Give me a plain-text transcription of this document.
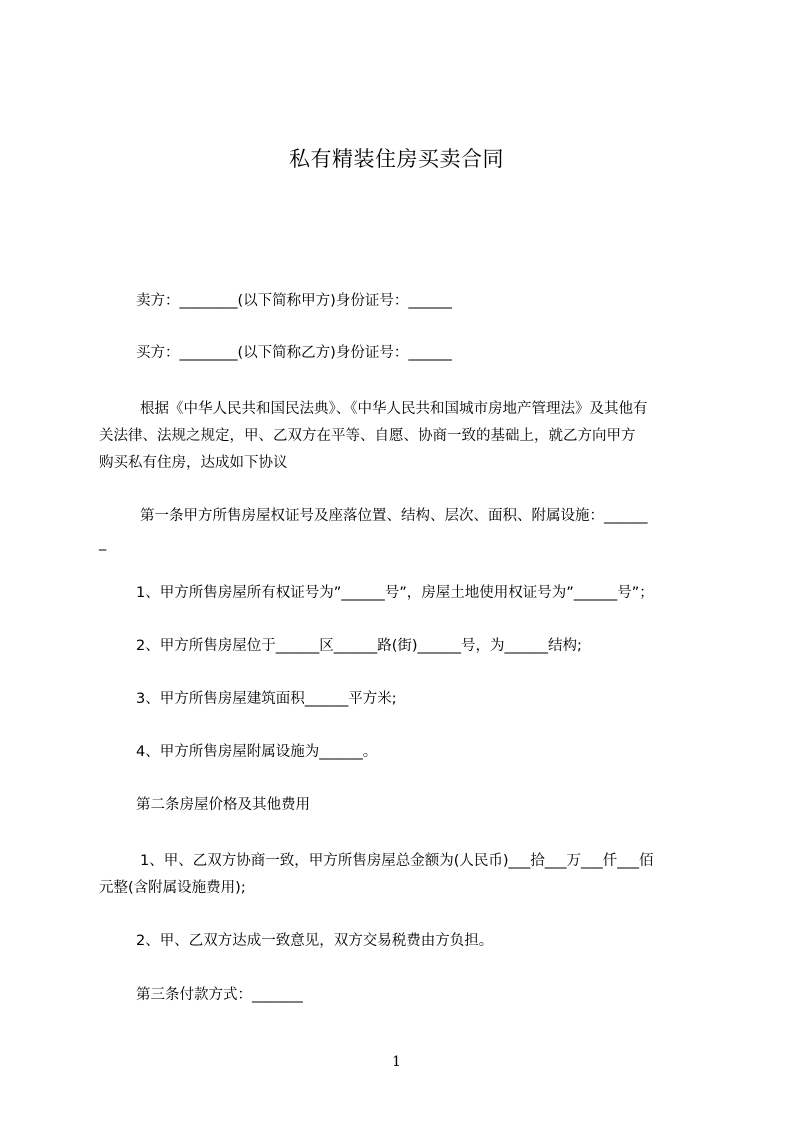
私有精装住房买卖合同
卖方：________(以下简称甲方)身份证号：______
买方：________(以下简称乙方)身份证号：______
根据《中华人民共和国民法典》、《中华人民共和国城市房地产管理法》及其他有
关法律、法规之规定，甲、乙双方在平等、自愿、协商一致的基础上，就乙方向甲方
购买私有住房，达成如下协议
第一条甲方所售房屋权证号及座落位置、结构、层次、面积、附属设施：______
_
1、甲方所售房屋所有权证号为”______号”，房屋土地使用权证号为”______号”；
2、甲方所售房屋位于______区______路(街)______号，为______结构;
3、甲方所售房屋建筑面积______平方米;
4、甲方所售房屋附属设施为______。
第二条房屋价格及其他费用
1、甲、乙双方协商一致，甲方所售房屋总金额为(人民币)___拾___万___仟___佰
元整(含附属设施费用);
2、甲、乙双方达成一致意见，双方交易税费由方负担。
第三条付款方式：_______
1
